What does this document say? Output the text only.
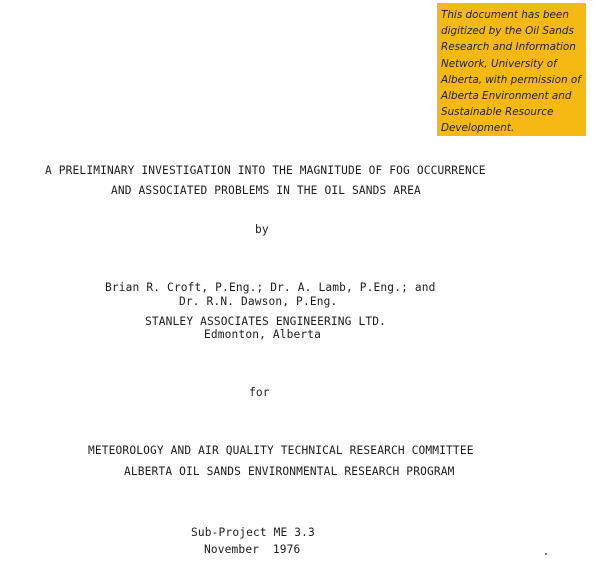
This document has been digitized by the Oil Sands Research and Information Network, University of Alberta, with permission of Alberta Environment and Sustainable Resource Development.
A PRELIMINARY INVESTIGATION INTO THE MAGNITUDE OF FOG OCCURRENCE
AND ASSOCIATED PROBLEMS IN THE OIL SANDS AREA
by
Brian R. Croft, P.Eng.; Dr. A. Lamb, P.Eng.; and
Dr. R.N. Dawson, P.Eng.
STANLEY ASSOCIATES ENGINEERING LTD.
Edmonton, Alberta
for
METEOROLOGY AND AIR QUALITY TECHNICAL RESEARCH COMMITTEE
ALBERTA OIL SANDS ENVIRONMENTAL RESEARCH PROGRAM
Sub-Project ME 3.3
November  1976
